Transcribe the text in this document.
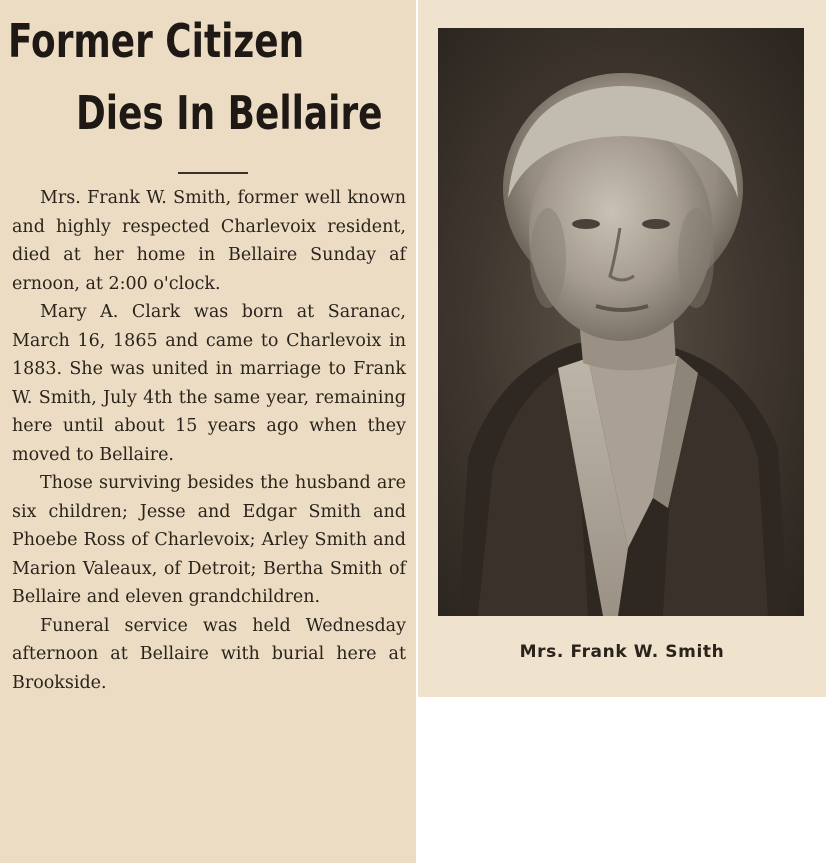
Former Citizen
Dies In Bellaire

Mrs. Frank W. Smith, former well known and highly respected Charlevoix resident, died at her home in Bellaire Sunday af ernoon, at 2:00 o'clock.

Mary A. Clark was born at Saranac, March 16, 1865 and came to Charlevoix in 1883. She was united in marriage to Frank W. Smith, July 4th the same year, remaining here until about 15 years ago when they moved to Bellaire.

Those surviving besides the husband are six children; Jesse and Edgar Smith and Phoebe Ross of Charlevoix; Arley Smith and Marion Valeaux, of Detroit; Bertha Smith of Bellaire and eleven grandchildren.

Funeral service was held Wednesday afternoon at Bellaire with burial here at Brookside.

Mrs. Frank W. Smith
